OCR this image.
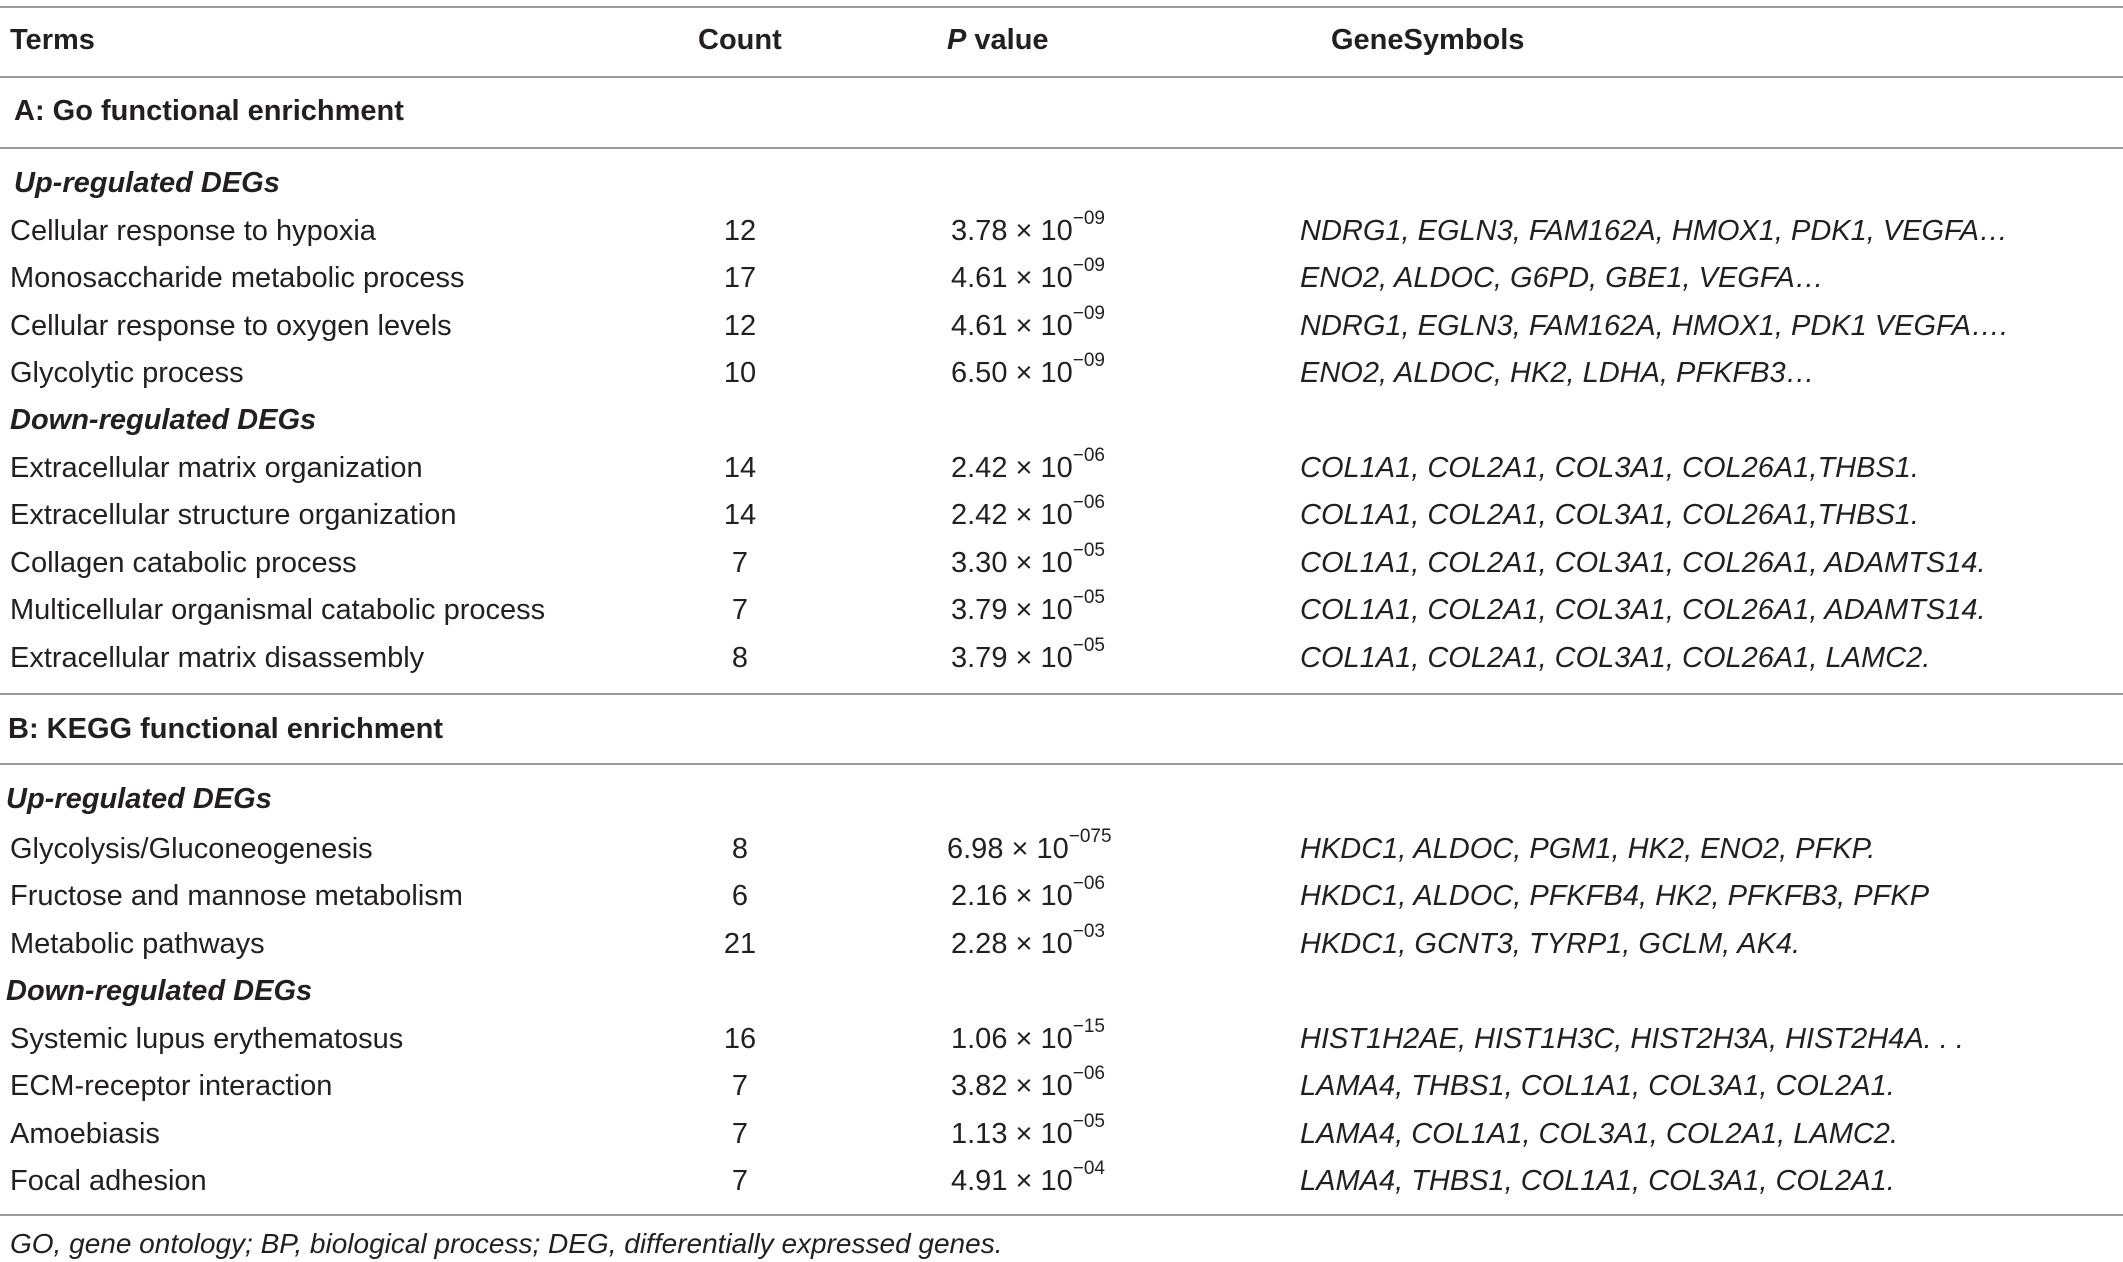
Terms	Count	P value	GeneSymbols
A: Go functional enrichment
Up-regulated DEGs
Cellular response to hypoxia	12	$3.78 \times 10^{-09}$	NDRG1, EGLN3, FAM162A, HMOX1, PDK1, VEGFA…
Monosaccharide metabolic process	17	$4.61 \times 10^{-09}$	ENO2, ALDOC, G6PD, GBE1, VEGFA…
Cellular response to oxygen levels	12	$4.61 \times 10^{-09}$	NDRG1, EGLN3, FAM162A, HMOX1, PDK1 VEGFA….
Glycolytic process	10	$6.50 \times 10^{-09}$	ENO2, ALDOC, HK2, LDHA, PFKFB3…
Down-regulated DEGs
Extracellular matrix organization	14	$2.42 \times 10^{-06}$	COL1A1, COL2A1, COL3A1, COL26A1,THBS1.
Extracellular structure organization	14	$2.42 \times 10^{-06}$	COL1A1, COL2A1, COL3A1, COL26A1,THBS1.
Collagen catabolic process	7	$3.30 \times 10^{-05}$	COL1A1, COL2A1, COL3A1, COL26A1, ADAMTS14.
Multicellular organismal catabolic process	7	$3.79 \times 10^{-05}$	COL1A1, COL2A1, COL3A1, COL26A1, ADAMTS14.
Extracellular matrix disassembly	8	$3.79 \times 10^{-05}$	COL1A1, COL2A1, COL3A1, COL26A1, LAMC2.
B: KEGG functional enrichment
Up-regulated DEGs
Glycolysis/Gluconeogenesis	8	$6.98 \times 10^{-075}$	HKDC1, ALDOC, PGM1, HK2, ENO2, PFKP.
Fructose and mannose metabolism	6	$2.16 \times 10^{-06}$	HKDC1, ALDOC, PFKFB4, HK2, PFKFB3, PFKP
Metabolic pathways	21	$2.28 \times 10^{-03}$	HKDC1, GCNT3, TYRP1, GCLM, AK4.
Down-regulated DEGs
Systemic lupus erythematosus	16	$1.06 \times 10^{-15}$	HIST1H2AE, HIST1H3C, HIST2H3A, HIST2H4A. . .
ECM-receptor interaction	7	$3.82 \times 10^{-06}$	LAMA4, THBS1, COL1A1, COL3A1, COL2A1.
Amoebiasis	7	$1.13 \times 10^{-05}$	LAMA4, COL1A1, COL3A1, COL2A1, LAMC2.
Focal adhesion	7	$4.91 \times 10^{-04}$	LAMA4, THBS1, COL1A1, COL3A1, COL2A1.
GO, gene ontology; BP, biological process; DEG, differentially expressed genes.
